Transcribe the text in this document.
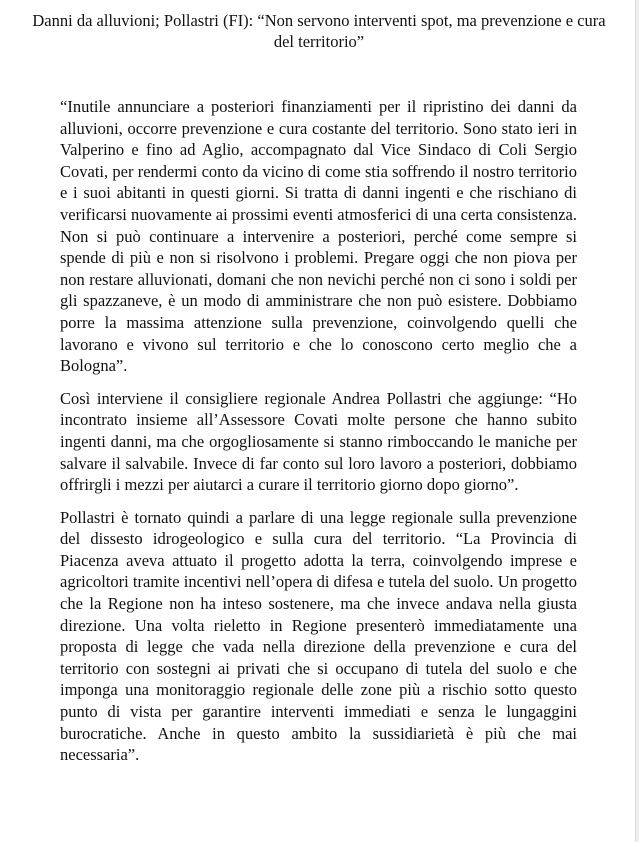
Danni da alluvioni; Pollastri (FI): “Non servono interventi spot, ma prevenzione e cura del territorio”

“Inutile annunciare a posteriori finanziamenti per il ripristino dei danni da alluvioni, occorre prevenzione e cura costante del territorio. Sono stato ieri in Valperino e fino ad Aglio, accompagnato dal Vice Sindaco di Coli Sergio Covati, per rendermi conto da vicino di come stia soffrendo il nostro territorio e i suoi abitanti in questi giorni. Si tratta di danni ingenti e che rischiano di verificarsi nuovamente ai prossimi eventi atmosferici di una certa consistenza. Non si può continuare a intervenire a posteriori, perché come sempre si spende di più e non si risolvono i problemi. Pregare oggi che non piova per non restare alluvionati, domani che non nevichi perché non ci sono i soldi per gli spazzaneve, è un modo di amministrare che non può esistere. Dobbiamo porre la massima attenzione sulla prevenzione, coinvolgendo quelli che lavorano e vivono sul territorio e che lo conoscono certo meglio che a Bologna”.

Così interviene il consigliere regionale Andrea Pollastri che aggiunge: “Ho incontrato insieme all’Assessore Covati molte persone che hanno subito ingenti danni, ma che orgogliosamente si stanno rimboccando le maniche per salvare il salvabile. Invece di far conto sul loro lavoro a posteriori, dobbiamo offrirgli i mezzi per aiutarci a curare il territorio giorno dopo giorno”.

Pollastri è tornato quindi a parlare di una legge regionale sulla prevenzione del dissesto idrogeologico e sulla cura del territorio. “La Provincia di Piacenza aveva attuato il progetto adotta la terra, coinvolgendo imprese e agricoltori tramite incentivi nell’opera di difesa e tutela del suolo. Un progetto che la Regione non ha inteso sostenere, ma che invece andava nella giusta direzione. Una volta rieletto in Regione presenterò immediatamente una proposta di legge che vada nella direzione della prevenzione e cura del territorio con sostegni ai privati che si occupano di tutela del suolo e che imponga una monitoraggio regionale delle zone più a rischio sotto questo punto di vista per garantire interventi immediati e senza le lungaggini burocratiche. Anche in questo ambito la sussidiarietà è più che mai necessaria”.
